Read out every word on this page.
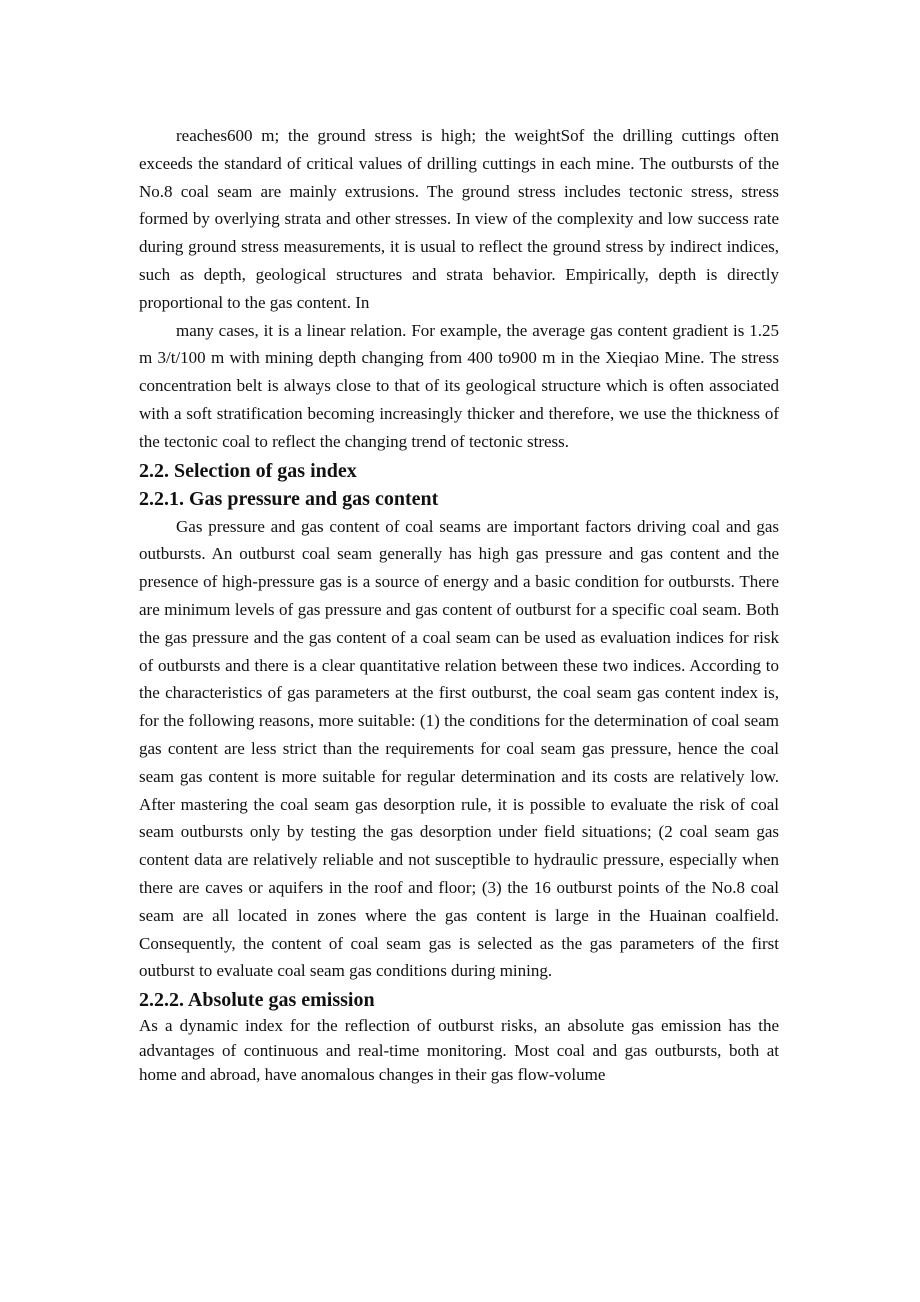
reaches600 m; the ground stress is high; the weightSof the drilling cuttings often exceeds the standard of critical values of drilling cuttings in each mine. The outbursts of the No.8 coal seam are mainly extrusions. The ground stress includes tectonic stress, stress formed by overlying strata and other stresses. In view of the complexity and low success rate during ground stress measurements, it is usual to reflect the ground stress by indirect indices, such as depth, geological structures and strata behavior. Empirically, depth is directly proportional to the gas content. In

many cases, it is a linear relation. For example, the average gas content gradient is 1.25 m 3/t/100 m with mining depth changing from 400 to900 m in the Xieqiao Mine. The stress concentration belt is always close to that of its geological structure which is often associated with a soft stratification becoming increasingly thicker and therefore, we use the thickness of the tectonic coal to reflect the changing trend of tectonic stress.

2.2. Selection of gas index
2.2.1. Gas pressure and gas content

Gas pressure and gas content of coal seams are important factors driving coal and gas outbursts. An outburst coal seam generally has high gas pressure and gas content and the presence of high-pressure gas is a source of energy and a basic condition for outbursts. There are minimum levels of gas pressure and gas content of outburst for a specific coal seam. Both the gas pressure and the gas content of a coal seam can be used as evaluation indices for risk of outbursts and there is a clear quantitative relation between these two indices. According to the characteristics of gas parameters at the first outburst, the coal seam gas content index is, for the following reasons, more suitable: (1) the conditions for the determination of coal seam gas content are less strict than the requirements for coal seam gas pressure, hence the coal seam gas content is more suitable for regular determination and its costs are relatively low. After mastering the coal seam gas desorption rule, it is possible to evaluate the risk of coal seam outbursts only by testing the gas desorption under field situations; (2 coal seam gas content data are relatively reliable and not susceptible to hydraulic pressure, especially when there are caves or aquifers in the roof and floor; (3) the 16 outburst points of the No.8 coal seam are all located in zones where the gas content is large in the Huainan coalfield. Consequently, the content of coal seam gas is selected as the gas parameters of the first outburst to evaluate coal seam gas conditions during mining.

2.2.2. Absolute gas emission

As a dynamic index for the reflection of outburst risks, an absolute gas emission has the advantages of continuous and real-time monitoring. Most coal and gas outbursts, both at home and abroad, have anomalous changes in their gas flow-volume
